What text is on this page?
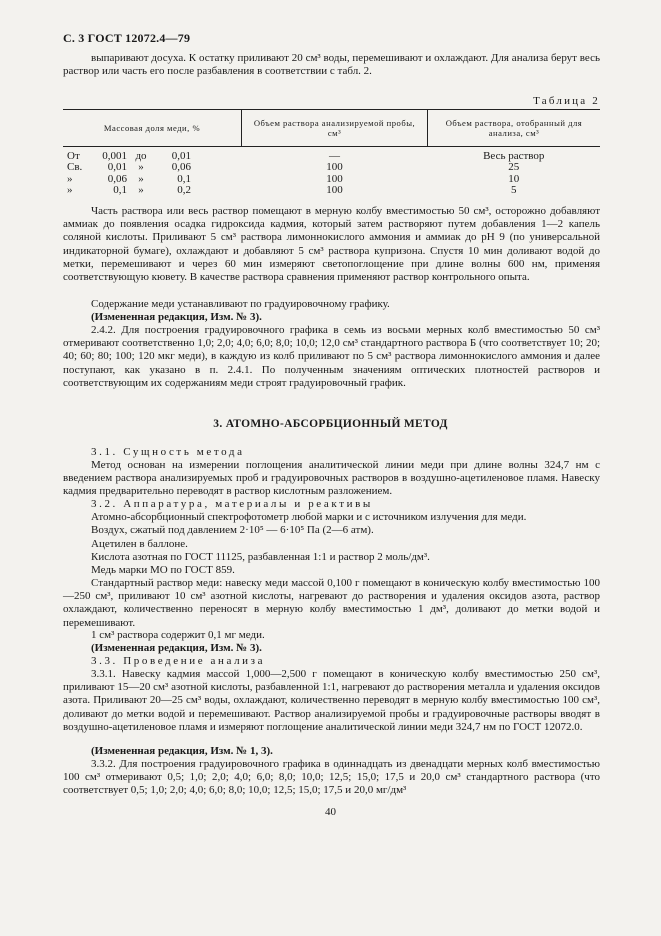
С. 3 ГОСТ 12072.4—79
выпаривают досуха. К остатку приливают 20 см³ воды, перемешивают и охлаждают. Для анализа берут весь раствор или часть его после разбавления в соответствии с табл. 2.
Таблица 2
Массовая доля меди, %	Объем раствора анализируемой пробы, см³	Объем раствора, отобранный для анализа, см³

От 0,001 до 0,01	—	Весь раствор

Св. 0,01 » 0,06	100	25

» 0,06 » 0,1	100	10

» 0,1 » 0,2	100	5
Часть раствора или весь раствор помещают в мерную колбу вместимостью 50 см³, осторожно добавляют аммиак до появления осадка гидроксида кадмия, который затем растворяют путем добавления 1—2 капель соляной кислоты. Приливают 5 см³ раствора лимоннокислого аммония и аммиак до pH 9 (по универсальной индикаторной бумаге), охлаждают и добавляют 5 см³ раствора купризона. Спустя 10 мин доливают водой до метки, перемешивают и через 60 мин измеряют светопоглощение при длине волны 600 нм, применяя соответствующую кювету. В качестве раствора сравнения применяют раствор контрольного опыта.
Содержание меди устанавливают по градуировочному графику.
(Измененная редакция, Изм. № 3).
2.4.2. Для построения градуировочного графика в семь из восьми мерных колб вместимостью 50 см³ отмеривают соответственно 1,0; 2,0; 4,0; 6,0; 8,0; 10,0; 12,0 см³ стандартного раствора Б (что соответствует 10; 20; 40; 60; 80; 100; 120 мкг меди), в каждую из колб приливают по 5 см³ раствора лимоннокислого аммония и далее поступают, как указано в п. 2.4.1. По полученным значениям оптических плотностей растворов и соответствующим их содержаниям меди строят градуировочный график.
3. АТОМНО-АБСОРБЦИОННЫЙ МЕТОД
3.1. Сущность метода
Метод основан на измерении поглощения аналитической линии меди при длине волны 324,7 нм с введением раствора анализируемых проб и градуировочных растворов в воздушно-ацетиленовое пламя. Навеску кадмия предварительно переводят в раствор кислотным разложением.
3.2. Аппаратура, материалы и реактивы
Атомно-абсорбционный спектрофотометр любой марки и с источником излучения для меди.
Воздух, сжатый под давлением 2·10⁵ — 6·10⁵ Па (2—6 атм).
Ацетилен в баллоне.
Кислота азотная по ГОСТ 11125, разбавленная 1:1 и раствор 2 моль/дм³.
Медь марки МО по ГОСТ 859.
Стандартный раствор меди: навеску меди массой 0,100 г помещают в коническую колбу вместимостью 100—250 см³, приливают 10 см³ азотной кислоты, нагревают до растворения и удаления оксидов азота, раствор охлаждают, количественно переносят в мерную колбу вместимостью 1 дм³, доливают до метки водой и перемешивают.
1 см³ раствора содержит 0,1 мг меди.
(Измененная редакция, Изм. № 3).
3.3. Проведение анализа
3.3.1. Навеску кадмия массой 1,000—2,500 г помещают в коническую колбу вместимостью 250 см³, приливают 15—20 см³ азотной кислоты, разбавленной 1:1, нагревают до растворения металла и удаления оксидов азота. Приливают 20—25 см³ воды, охлаждают, количественно переводят в мерную колбу вместимостью 100 см³, доливают до метки водой и перемешивают. Раствор анализируемой пробы и градуировочные растворы вводят в воздушно-ацетиленовое пламя и измеряют поглощение аналитической линии меди 324,7 нм по ГОСТ 12072.0.
(Измененная редакция, Изм. № 1, 3).
3.3.2. Для построения градуировочного графика в одиннадцать из двенадцати мерных колб вместимостью 100 см³ отмеривают 0,5; 1,0; 2,0; 4,0; 6,0; 8,0; 10,0; 12,5; 15,0; 17,5 и 20,0 см³ стандартного раствора (что соответствует 0,5; 1,0; 2,0; 4,0; 6,0; 8,0; 10,0; 12,5; 15,0; 17,5 и 20,0 мг/дм³
40
